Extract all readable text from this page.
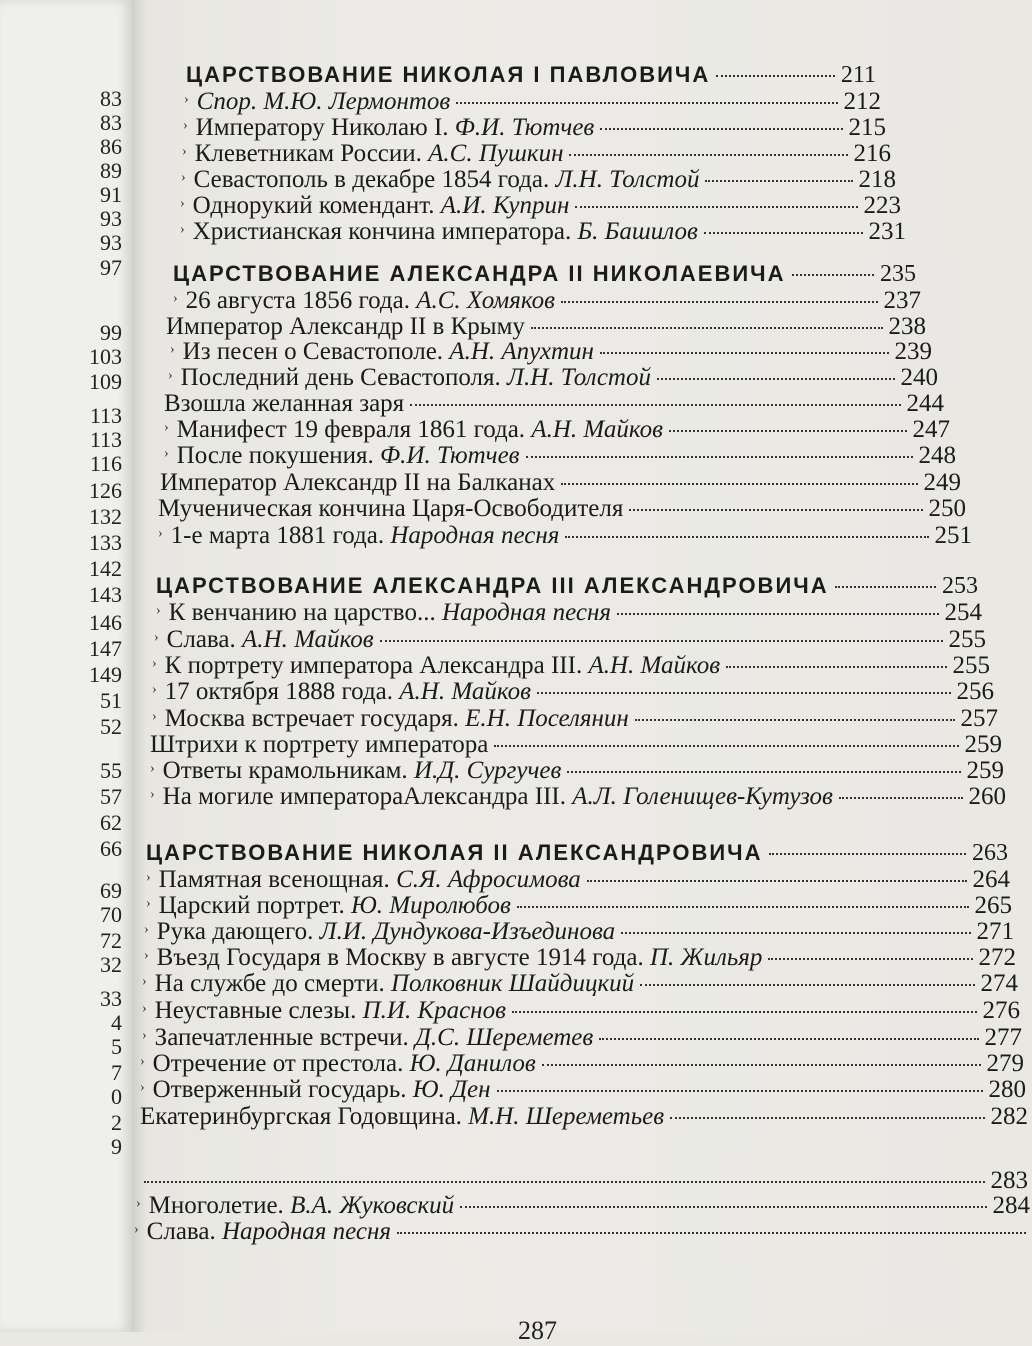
83
83
86
89
91
93
93
97
99
103
109
113
113
116
126
132
133
142
143
146
147
149
51
52
55
57
62
66
69
70
72
32
33
4
5
7
0
2
9
ЦАРСТВОВАНИЕ НИКОЛАЯ I ПАВЛОВИЧА	211
› Спор. М.Ю. Лермонтов	212
› Императору Николаю I. Ф.И. Тютчев	215
› Клеветникам России. А.С. Пушкин	216
› Севастополь в декабре 1854 года. Л.Н. Толстой	218
› Однорукий комендант. А.И. Куприн	223
› Христианская кончина императора. Б. Башилов	231
ЦАРСТВОВАНИЕ АЛЕКСАНДРА II НИКОЛАЕВИЧА	235
› 26 августа 1856 года. А.С. Хомяков	237
Император Александр II в Крыму	238
› Из песен о Севастополе. А.Н. Апухтин	239
› Последний день Севастополя. Л.Н. Толстой	240
Взошла желанная заря	244
› Манифест 19 февраля 1861 года. А.Н. Майков	247
› После покушения. Ф.И. Тютчев	248
Император Александр II на Балканах	249
Мученическая кончина Царя-Освободителя	250
› 1-е марта 1881 года. Народная песня	251
ЦАРСТВОВАНИЕ АЛЕКСАНДРА III АЛЕКСАНДРОВИЧА	253
› К венчанию на царство... Народная песня	254
› Слава. А.Н. Майков	255
› К портрету императора Александра III. А.Н. Майков	255
› 17 октября 1888 года. А.Н. Майков	256
› Москва встречает государя. Е.Н. Поселянин	257
Штрихи к портрету императора	259
› Ответы крамольникам. И.Д. Сургучев	259
› На могиле императораАлександра III. А.Л. Голенищев-Кутузов	260
ЦАРСТВОВАНИЕ НИКОЛАЯ II АЛЕКСАНДРОВИЧА	263
› Памятная всенощная. С.Я. Афросимова	264
› Царский портрет. Ю. Миролюбов	265
› Рука дающего. Л.И. Дундукова-Изъединова	271
› Въезд Государя в Москву в августе 1914 года. П. Жильяр	272
› На службе до смерти. Полковник Шайдицкий	274
› Неуставные слезы. П.И. Краснов	276
› Запечатленные встречи. Д.С. Шереметев	277
› Отречение от престола. Ю. Данилов	279
› Отверженный государь. Ю. Ден	280
Екатеринбургская Годовщина. М.Н. Шереметьев	282
283
› Многолетие. В.А. Жуковский	284
› Слава. Народная песня
287
